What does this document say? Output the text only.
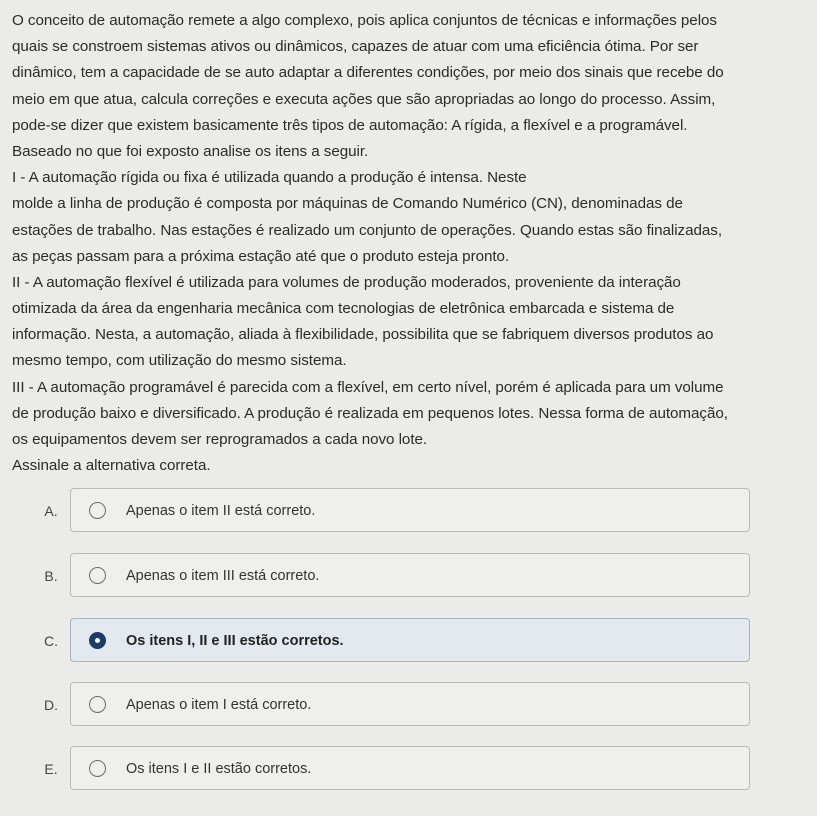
O conceito de automação remete a algo complexo, pois aplica conjuntos de técnicas e informações pelos
quais se constroem sistemas ativos ou dinâmicos, capazes de atuar com uma eficiência ótima. Por ser
dinâmico, tem a capacidade de se auto adaptar a diferentes condições, por meio dos sinais que recebe do
meio em que atua, calcula correções e executa ações que são apropriadas ao longo do processo. Assim,
pode-se dizer que existem basicamente três tipos de automação: A rígida, a flexível e a programável.
Baseado no que foi exposto analise os itens a seguir.
I - A automação rígida ou fixa é utilizada quando a produção é intensa. Neste
molde a linha de produção é composta por máquinas de Comando Numérico (CN), denominadas de
estações de trabalho. Nas estações é realizado um conjunto de operações. Quando estas são finalizadas,
as peças passam para a próxima estação até que o produto esteja pronto.
II - A automação flexível é utilizada para volumes de produção moderados, proveniente da interação
otimizada da área da engenharia mecânica com tecnologias de eletrônica embarcada e sistema de
informação. Nesta, a automação, aliada à flexibilidade, possibilita que se fabriquem diversos produtos ao
mesmo tempo, com utilização do mesmo sistema.
III - A automação programável é parecida com a flexível, em certo nível, porém é aplicada para um volume
de produção baixo e diversificado. A produção é realizada em pequenos lotes. Nessa forma de automação,
os equipamentos devem ser reprogramados a cada novo lote.
Assinale a alternativa correta.
A.	Apenas o item II está correto.
B.	Apenas o item III está correto.
C.	Os itens I, II e III estão corretos.
D.	Apenas o item I está correto.
E.	Os itens I e II estão corretos.
